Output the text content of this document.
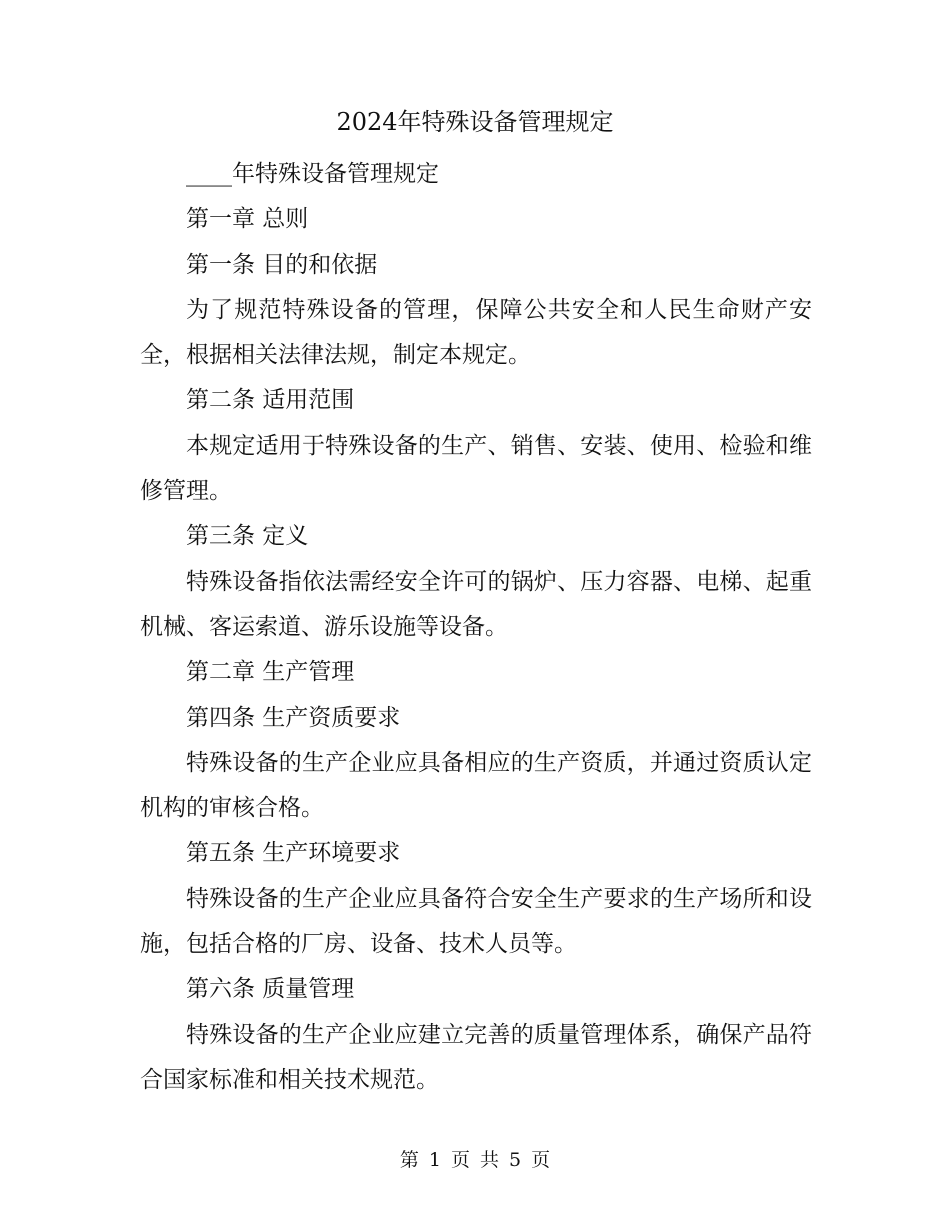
2024年特殊设备管理规定

____年特殊设备管理规定

第一章 总则

第一条 目的和依据

为了规范特殊设备的管理，保障公共安全和人民生命财产安全，根据相关法律法规，制定本规定。

第二条 适用范围

本规定适用于特殊设备的生产、销售、安装、使用、检验和维修管理。

第三条 定义

特殊设备指依法需经安全许可的锅炉、压力容器、电梯、起重机械、客运索道、游乐设施等设备。

第二章 生产管理

第四条 生产资质要求

特殊设备的生产企业应具备相应的生产资质，并通过资质认定机构的审核合格。

第五条 生产环境要求

特殊设备的生产企业应具备符合安全生产要求的生产场所和设施，包括合格的厂房、设备、技术人员等。

第六条 质量管理

特殊设备的生产企业应建立完善的质量管理体系，确保产品符合国家标准和相关技术规范。

第 1 页 共 5 页
